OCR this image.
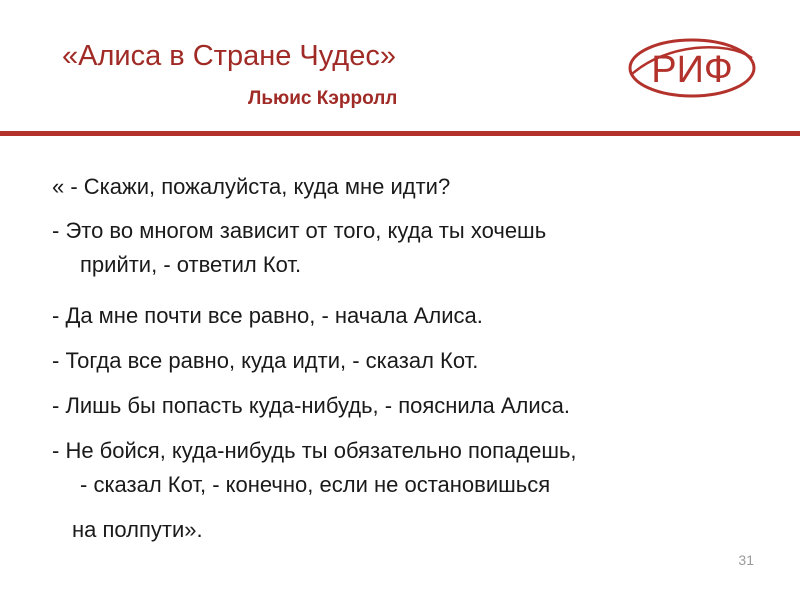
«Алиса в Стране Чудес»
Льюис Кэрролл
РИФ
« - Скажи, пожалуйста, куда мне идти?
- Это во многом зависит от того, куда ты хочешь
прийти, - ответил Кот.
- Да мне почти все равно, - начала Алиса.
- Тогда все равно, куда идти, - сказал Кот.
- Лишь бы попасть куда-нибудь, - пояснила Алиса.
- Не бойся, куда-нибудь ты обязательно попадешь,
- сказал Кот, - конечно, если не остановишься
на полпути».
31
